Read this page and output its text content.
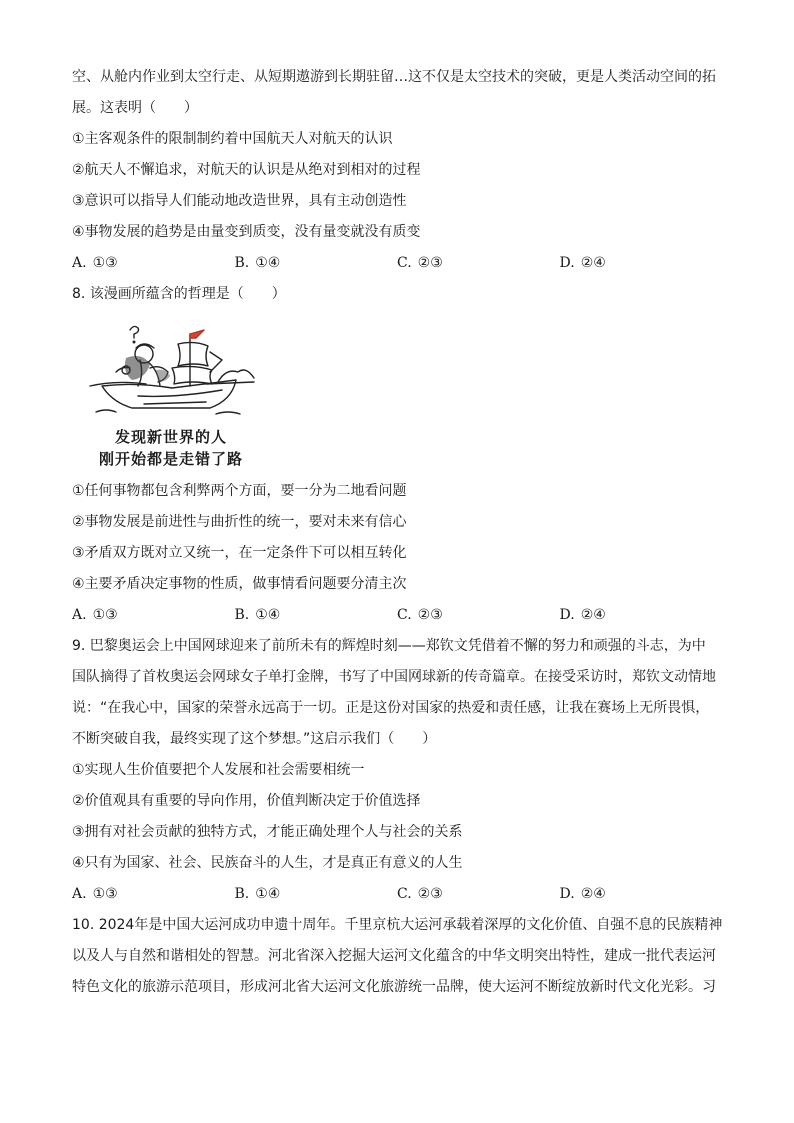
空、从舱内作业到太空行走、从短期遨游到长期驻留…这不仅是太空技术的突破，更是人类活动空间的拓
展。这表明（　　）
①主客观条件的限制制约着中国航天人对航天的认识
②航天人不懈追求，对航天的认识是从绝对到相对的过程
③意识可以指导人们能动地改造世界，具有主动创造性
④事物发展的趋势是由量变到质变，没有量变就没有质变
A. ①③	B. ①④	C. ②③	D. ②④
8. 该漫画所蕴含的哲理是（　　）
发现新世界的人
刚开始都是走错了路
①任何事物都包含利弊两个方面，要一分为二地看问题
②事物发展是前进性与曲折性的统一，要对未来有信心
③矛盾双方既对立又统一，在一定条件下可以相互转化
④主要矛盾决定事物的性质，做事情看问题要分清主次
A. ①③	B. ①④	C. ②③	D. ②④
9. 巴黎奥运会上中国网球迎来了前所未有的辉煌时刻——郑钦文凭借着不懈的努力和顽强的斗志，为中
国队摘得了首枚奥运会网球女子单打金牌，书写了中国网球新的传奇篇章。在接受采访时，郑钦文动情地
说：“在我心中，国家的荣誉永远高于一切。正是这份对国家的热爱和责任感，让我在赛场上无所畏惧，
不断突破自我，最终实现了这个梦想。”这启示我们（　　）
①实现人生价值要把个人发展和社会需要相统一
②价值观具有重要的导向作用，价值判断决定于价值选择
③拥有对社会贡献的独特方式，才能正确处理个人与社会的关系
④只有为国家、社会、民族奋斗的人生，才是真正有意义的人生
A. ①③	B. ①④	C. ②③	D. ②④
10. 2024年是中国大运河成功申遗十周年。千里京杭大运河承载着深厚的文化价值、自强不息的民族精神
以及人与自然和谐相处的智慧。河北省深入挖掘大运河文化蕴含的中华文明突出特性，建成一批代表运河
特色文化的旅游示范项目，形成河北省大运河文化旅游统一品牌，使大运河不断绽放新时代文化光彩。习
